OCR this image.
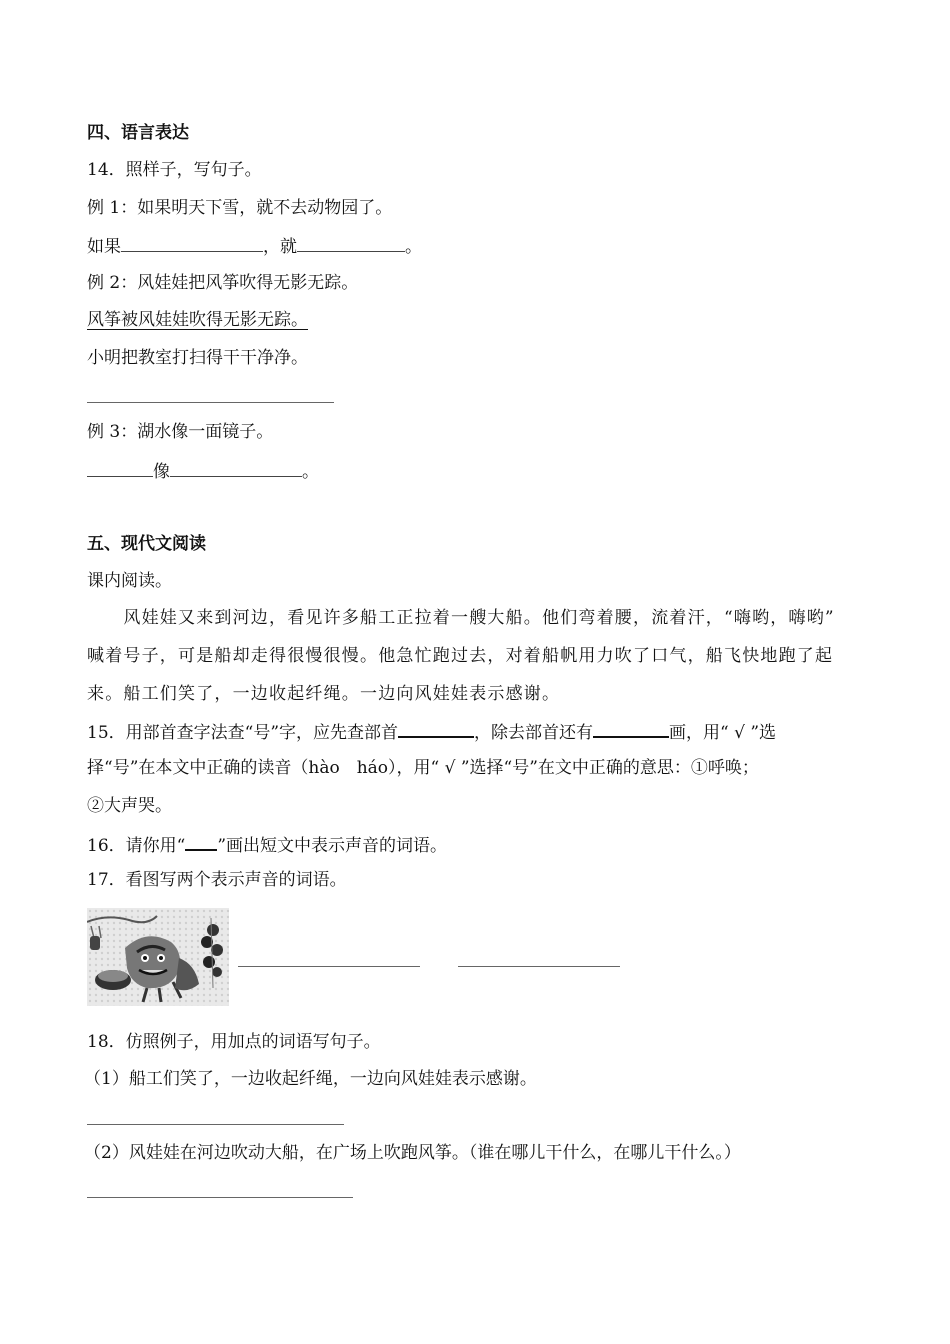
四、语言表达
14．照样子，写句子。
例 1：如果明天下雪，就不去动物园了。
如果	，就	。
例 2：风娃娃把风筝吹得无影无踪。
风筝被风娃娃吹得无影无踪。
小明把教室打扫得干干净净。
例 3：湖水像一面镜子。
像	。
五、现代文阅读
课内阅读。
　　风娃娃又来到河边，看见许多船工正拉着一艘大船。他们弯着腰，流着汗，“嗨哟，嗨哟”
喊着号子，可是船却走得很慢很慢。他急忙跑过去，对着船帆用力吹了口气，船飞快地跑了起
来。船工们笑了，一边收起纤绳。一边向风娃娃表示感谢。
15．用部首查字法查“号”字，应先查部首	，除去部首还有	画，用“ √ ”选
择“号”在本文中正确的读音（hào　háo），用“ √ ”选择“号”在文中正确的意思：①呼唤；
②大声哭。
16．请你用“ ”画出短文中表示声音的词语。
17．看图写两个表示声音的词语。
18．仿照例子，用加点的词语写句子。
（1）船工们笑了，一边收起纤绳，一边向风娃娃表示感谢。
（2）风娃娃在河边吹动大船，在广场上吹跑风筝。（谁在哪儿干什么，在哪儿干什么。）
